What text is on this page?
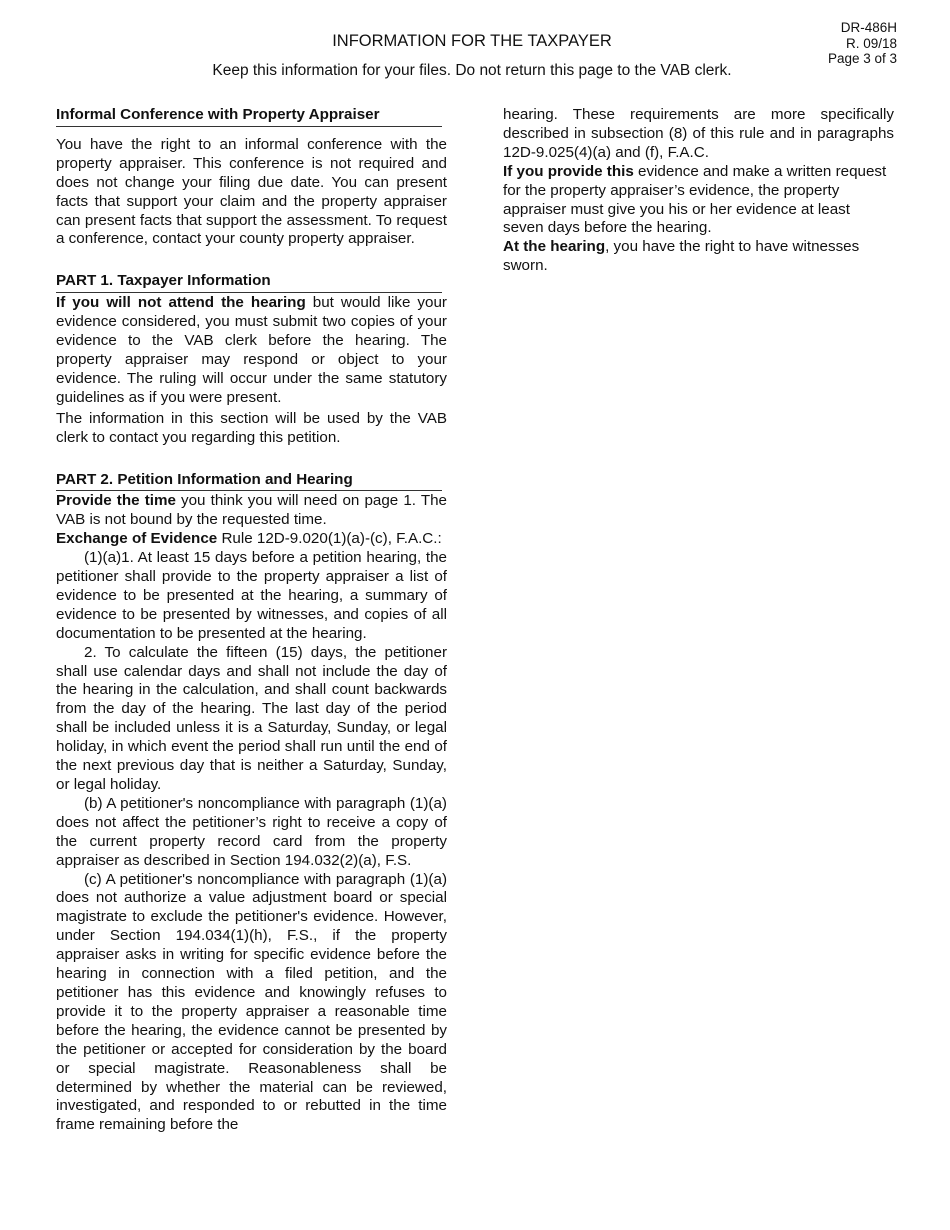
DR-486H
R. 09/18
Page 3 of 3
INFORMATION FOR THE TAXPAYER
Keep this information for your files. Do not return this page to the VAB clerk.
Informal Conference with Property Appraiser
You have the right to an informal conference with the property appraiser. This conference is not required and does not change your filing due date. You can present facts that support your claim and the property appraiser can present facts that support the assessment. To request a conference, contact your county property appraiser.
PART 1. Taxpayer Information
If you will not attend the hearing but would like your evidence considered, you must submit two copies of your evidence to the VAB clerk before the hearing. The property appraiser may respond or object to your evidence. The ruling will occur under the same statutory guidelines as if you were present.
The information in this section will be used by the VAB clerk to contact you regarding this petition.
PART 2. Petition Information and Hearing
Provide the time you think you will need on page 1. The VAB is not bound by the requested time.
Exchange of Evidence Rule 12D-9.020(1)(a)-(c), F.A.C.:
(1)(a)1. At least 15 days before a petition hearing, the petitioner shall provide to the property appraiser a list of evidence to be presented at the hearing, a summary of evidence to be presented by witnesses, and copies of all documentation to be presented at the hearing.
2. To calculate the fifteen (15) days, the petitioner shall use calendar days and shall not include the day of the hearing in the calculation, and shall count backwards from the day of the hearing. The last day of the period shall be included unless it is a Saturday, Sunday, or legal holiday, in which event the period shall run until the end of the next previous day that is neither a Saturday, Sunday, or legal holiday.
(b) A petitioner's noncompliance with paragraph (1)(a) does not affect the petitioner’s right to receive a copy of the current property record card from the property appraiser as described in Section 194.032(2)(a), F.S.
(c) A petitioner's noncompliance with paragraph (1)(a) does not authorize a value adjustment board or special magistrate to exclude the petitioner's evidence. However, under Section 194.034(1)(h), F.S., if the property appraiser asks in writing for specific evidence before the hearing in connection with a filed petition, and the petitioner has this evidence and knowingly refuses to provide it to the property appraiser a reasonable time before the hearing, the evidence cannot be presented by the petitioner or accepted for consideration by the board or special magistrate. Reasonableness shall be determined by whether the material can be reviewed, investigated, and responded to or rebutted in the time frame remaining before the
hearing. These requirements are more specifically described in subsection (8) of this rule and in paragraphs 12D-9.025(4)(a) and (f), F.A.C.
If you provide this evidence and make a written request for the property appraiser’s evidence, the property appraiser must give you his or her evidence at least seven days before the hearing.
At the hearing, you have the right to have witnesses sworn.
